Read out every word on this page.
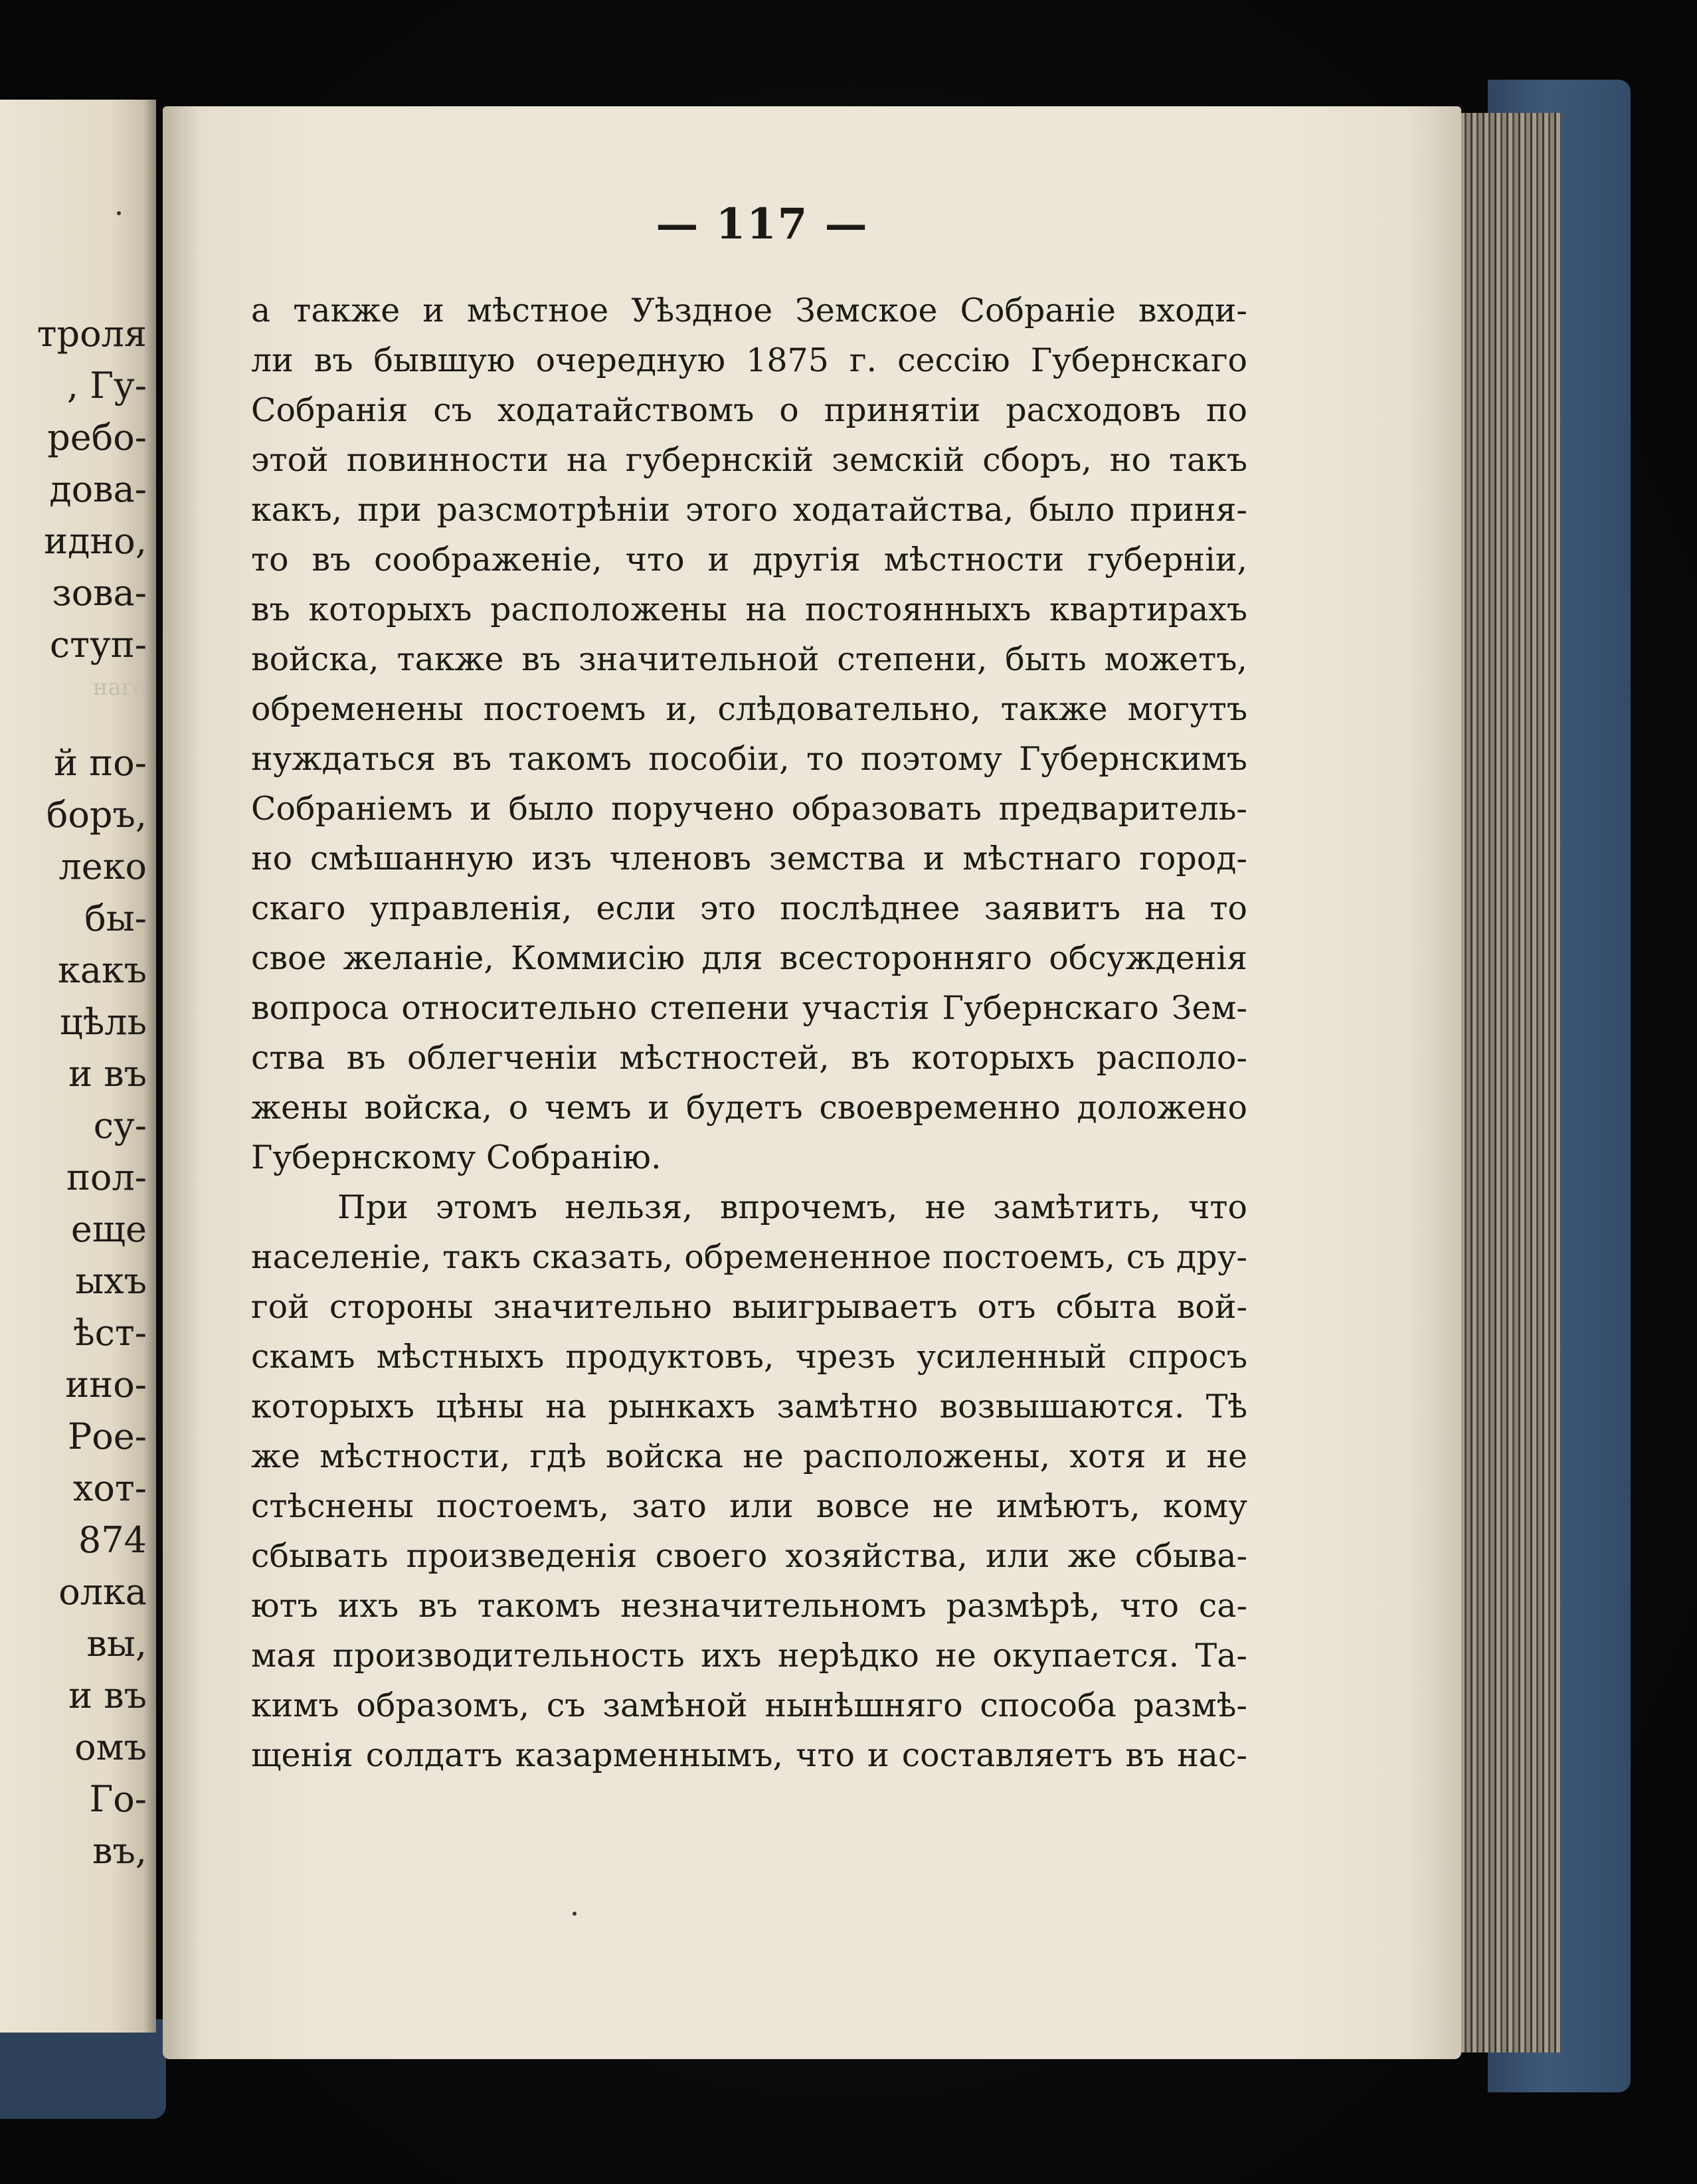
троля
, Гу-
ребо-
дова-
идно,
зова-
ступ-
наго
й по-
боръ,
леко
бы-
какъ
цѣль
и въ
су-
пол-
еще
ыхъ
ѣст-
ино-
Рое-
хот-
874
олка
вы,
и въ
омъ
Го-
въ,
— 117 —
а также и мѣстное Уѣздное Земское Собраніе входи-
ли въ бывшую очередную 1875 г. сессію Губернскаго
Собранія съ ходатайствомъ о принятіи расходовъ по
этой повинности на губернскій земскій сборъ, но такъ
какъ, при разсмотрѣніи этого ходатайства, было приня-
то въ соображеніе, что и другія мѣстности губерніи,
въ которыхъ расположены на постоянныхъ квартирахъ
войска, также въ значительной степени, быть можетъ,
обременены постоемъ и, слѣдовательно, также могутъ
нуждаться въ такомъ пособіи, то поэтому Губернскимъ
Собраніемъ и было поручено образовать предваритель-
но смѣшанную изъ членовъ земства и мѣстнаго город-
скаго управленія, если это послѣднее заявитъ на то
свое желаніе, Коммисію для всесторонняго обсужденія
вопроса относительно степени участія Губернскаго Зем-
ства въ облегченіи мѣстностей, въ которыхъ располо-
жены войска, о чемъ и будетъ своевременно доложено
Губернскому Собранію.
При этомъ нельзя, впрочемъ, не замѣтить, что
населеніе, такъ сказать, обремененное постоемъ, съ дру-
гой стороны значительно выигрываетъ отъ сбыта вой-
скамъ мѣстныхъ продуктовъ, чрезъ усиленный спросъ
которыхъ цѣны на рынкахъ замѣтно возвышаются. Тѣ
же мѣстности, гдѣ войска не расположены, хотя и не
стѣснены постоемъ, зато или вовсе не имѣютъ, кому
сбывать произведенія своего хозяйства, или же сбыва-
ютъ ихъ въ такомъ незначительномъ размѣрѣ, что са-
мая производительность ихъ нерѣдко не окупается. Та-
кимъ образомъ, съ замѣной нынѣшняго способа размѣ-
щенія солдатъ казарменнымъ, что и составляетъ въ нас-
